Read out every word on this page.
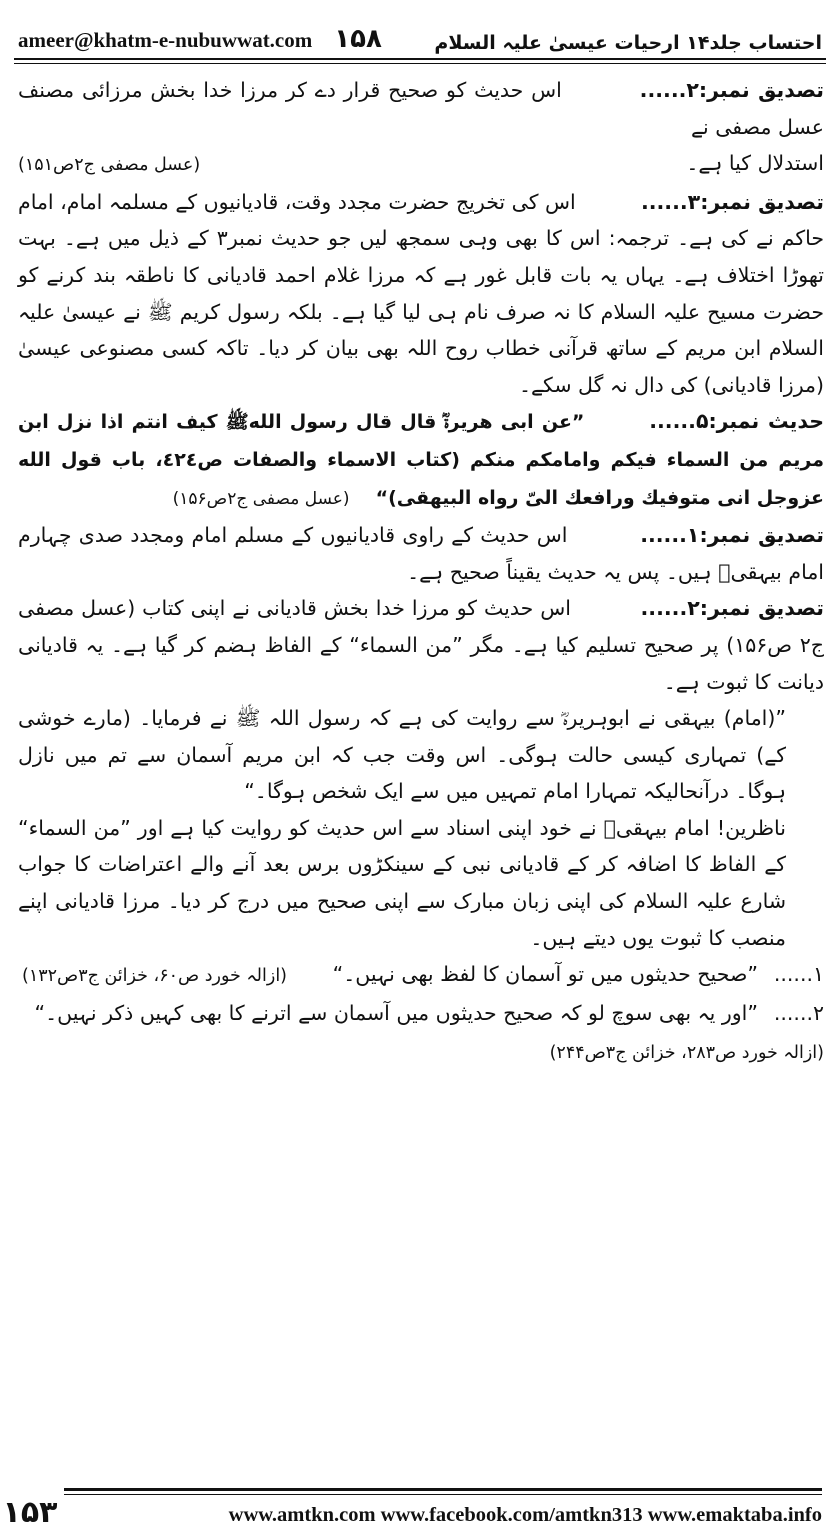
ameer@khatm-e-nubuwwat.com ۱۵۸	احتساب جلد۱۴ ارحیات عیسیٰ علیہ السلام

تصدیق نمبر:۲......          اس حدیث کو صحیح قرار دے کر مرزا خدا بخش مرزائی مصنف عسل مصفی نے

استدلال کیا ہے۔
(عسل مصفی ج۲ص۱۵۱)

تصدیق نمبر:۳......          اس کی تخریج حضرت مجدد وقت، قادیانیوں کے مسلمہ امام، امام حاکم نے کی ہے۔ ترجمہ: اس کا بھی وہی سمجھ لیں جو حدیث نمبر۳ کے ذیل میں ہے۔ بہت تھوڑا اختلاف ہے۔ یہاں یہ بات قابل غور ہے کہ مرزا غلام احمد قادیانی کا ناطقہ بند کرنے کو حضرت مسیح علیہ السلام کا نہ صرف نام ہی لیا گیا ہے۔ بلکہ رسول کریم ﷺ نے عیسیٰ علیہ السلام ابن مریم کے ساتھ قرآنی خطاب روح اللہ بھی بیان کر دیا۔ تاکہ کسی مصنوعی عیسیٰ (مرزا قادیانی) کی دال نہ گل سکے۔

حدیث نمبر:۵......        ”عن ابی هریرةؓ قال قال رسول اللهﷺ کیف انتم اذا نزل ابن مریم من السماء فیکم وامامکم منکم (کتاب الاسماء والصفات ص٤٢٤، باب قول الله عزوجل انی متوفیك ورافعك الیّ رواه البیهقی)“    (عسل مصفی ج۲ص۱۵۶)

تصدیق نمبر:۱......          اس حدیث کے راوی قادیانیوں کے مسلم امام ومجدد صدی چہارم امام بیہقیؒ ہیں۔ پس یہ حدیث یقیناً صحیح ہے۔

تصدیق نمبر:۲......          اس حدیث کو مرزا خدا بخش قادیانی نے اپنی کتاب (عسل مصفی ج۲ ص۱۵۶) پر صحیح تسلیم کیا ہے۔ مگر ”من السماء“ کے الفاظ ہضم کر گیا ہے۔ یہ قادیانی دیانت کا ثبوت ہے۔

”(امام) بیہقی نے ابوہریرہؓ سے روایت کی ہے کہ رسول اللہ ﷺ نے فرمایا۔ (مارے خوشی کے) تمہاری کیسی حالت ہوگی۔ اس وقت جب کہ ابن مریم آسمان سے تم میں نازل ہوگا۔ درآنحالیکہ تمہارا امام تمہیں میں سے ایک شخص ہوگا۔“

ناظرین! امام بیہقیؒ نے خود اپنی اسناد سے اس حدیث کو روایت کیا ہے اور ”من السماء“ کے الفاظ کا اضافہ کر کے قادیانی نبی کے سینکڑوں برس بعد آنے والے اعتراضات کا جواب شارع علیہ السلام کی اپنی زبان مبارک سے اپنی صحیح میں درج کر دیا۔ مرزا قادیانی اپنے منصب کا ثبوت یوں دیتے ہیں۔

۱......
”صحیح حدیثوں میں تو آسمان کا لفظ بھی نہیں۔“
(ازالہ خورد ص۶۰، خزائن ج۳ص۱۳۲)
۲......
”اور یہ بھی سوچ لو کہ صحیح حدیثوں میں آسمان سے اترنے کا بھی کہیں ذکر نہیں۔“

(ازالہ خورد ص۲۸۳، خزائن ج۳ص۲۴۴)

۱۵۳	www.amtkn.com www.facebook.com/amtkn313 www.emaktaba.info
